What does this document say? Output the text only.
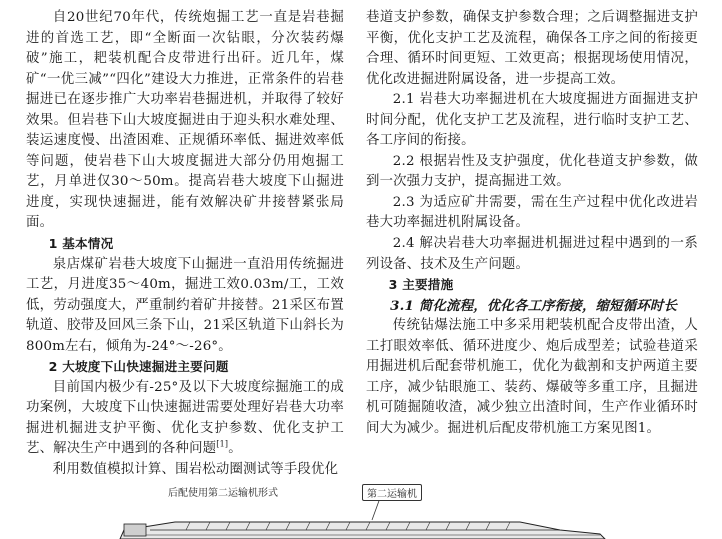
自20世纪70年代，传统炮掘工艺一直是岩巷掘进的首选工艺，即“全断面一次钻眼，分次装药爆破”施工，耙装机配合皮带进行出矸。近几年，煤矿“一优三减”“四化”建设大力推进，正常条件的岩巷掘进已在逐步推广大功率岩巷掘进机，并取得了较好效果。但岩巷下山大坡度掘进由于迎头积水难处理、装运速度慢、出渣困难、正规循环率低、掘进效率低等问题，使岩巷下山大坡度掘进大部分仍用炮掘工艺，月单进仅30～50m。提高岩巷大坡度下山掘进进度，实现快速掘进，能有效解决矿井接替紧张局面。

1 基本情况

泉店煤矿岩巷大坡度下山掘进一直沿用传统掘进工艺，月进度35～40m，掘进工效0.03m/工，工效低，劳动强度大，严重制约着矿井接替。21采区布置轨道、胶带及回风三条下山，21采区轨道下山斜长为800m左右，倾角为-24°～-26°。

2 大坡度下山快速掘进主要问题

目前国内极少有-25°及以下大坡度综掘施工的成功案例，大坡度下山快速掘进需要处理好岩巷大功率掘进机掘进支护平衡、优化支护参数、优化支护工艺、解决生产中遇到的各种问题[1]。

利用数值模拟计算、围岩松动圈测试等手段优化

巷道支护参数，确保支护参数合理；之后调整掘进支护平衡，优化支护工艺及流程，确保各工序之间的衔接更合理、循环时间更短、工效更高；根据现场使用情况，优化改进掘进附属设备，进一步提高工效。

2.1 岩巷大功率掘进机在大坡度掘进方面掘进支护时间分配，优化支护工艺及流程，进行临时支护工艺、各工序间的衔接。

2.2 根据岩性及支护强度，优化巷道支护参数，做到一次强力支护，提高掘进工效。

2.3 为适应矿井需要，需在生产过程中优化改进岩巷大功率掘进机附属设备。

2.4 解决岩巷大功率掘进机掘进过程中遇到的一系列设备、技术及生产问题。

3 主要措施

3.1 简化流程，优化各工序衔接，缩短循环时长

传统钻爆法施工中多采用耙装机配合皮带出渣，人工打眼效率低、循环进度少、炮后成型差；试验巷道采用掘进机后配套带机施工，优化为截割和支护两道主要工序，减少钻眼施工、装药、爆破等多重工序，且掘进机可随掘随收渣，减少独立出渣时间，生产作业循环时间大为减少。掘进机后配皮带机施工方案见图1。

后配使用第二运输机形式	第二运输机
